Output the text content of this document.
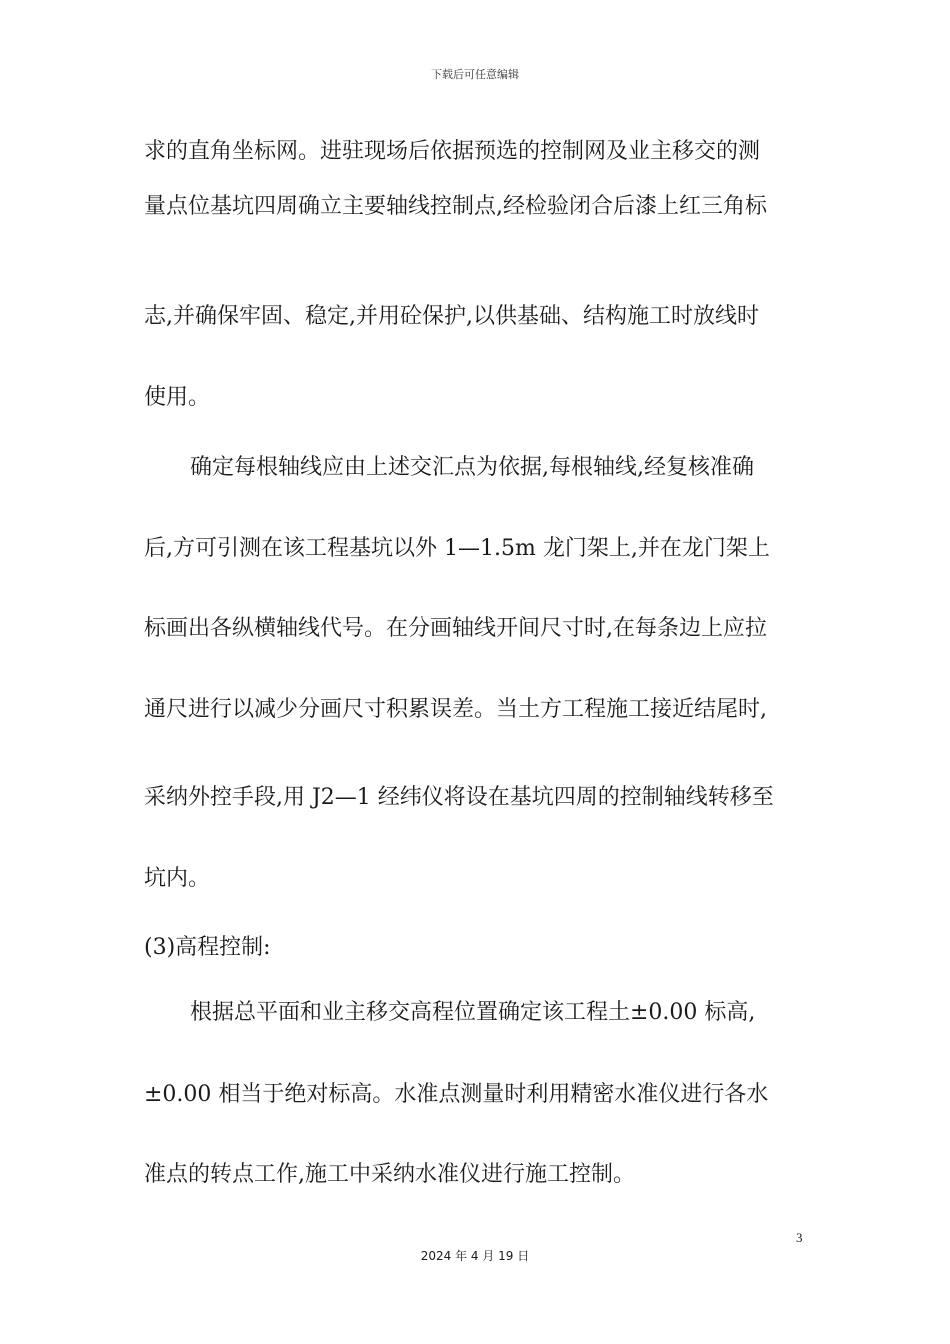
下载后可任意编辑
求的直角坐标网。进驻现场后依据预选的控制网及业主移交的测
量点位基坑四周确立主要轴线控制点,经检验闭合后漆上红三角标
志,并确保牢固、稳定,并用砼保护,以供基础、结构施工时放线时
使用。
确定每根轴线应由上述交汇点为依据,每根轴线,经复核准确
后,方可引测在该工程基坑以外 1—1.5m 龙门架上,并在龙门架上
标画出各纵横轴线代号。在分画轴线开间尺寸时,在每条边上应拉
通尺进行以减少分画尺寸积累误差。当土方工程施工接近结尾时,
采纳外控手段,用 J2—1 经纬仪将设在基坑四周的控制轴线转移至
坑内。
(3)高程控制:
根据总平面和业主移交高程位置确定该工程土±0.00 标高,
±0.00 相当于绝对标高。水准点测量时利用精密水准仪进行各水
准点的转点工作,施工中采纳水准仪进行施工控制。
3
2024 年 4 月 19 日
